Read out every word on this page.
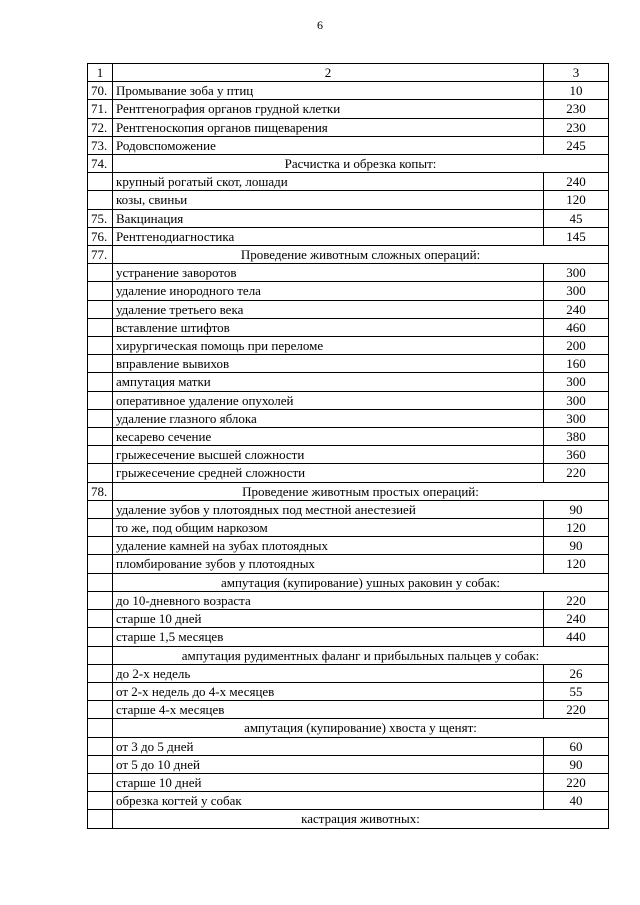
6
1	2	3
70.	Промывание зоба у птиц	10
71.	Рентгенография органов грудной клетки	230
72.	Рентгеноскопия органов пищеварения	230
73.	Родовспоможение	245
74.	Расчистка и обрезка копыт:	
	крупный рогатый скот, лошади	240
	козы, свиньи	120
75.	Вакцинация	45
76.	Рентгенодиагностика	145
77.	Проведение животным сложных операций:	
	устранение заворотов	300
	удаление инородного тела	300
	удаление третьего века	240
	вставление штифтов	460
	хирургическая помощь при переломе	200
	вправление вывихов	160
	ампутация матки	300
	оперативное удаление опухолей	300
	удаление глазного яблока	300
	кесарево сечение	380
	грыжесечение высшей сложности	360
	грыжесечение средней сложности	220
78.	Проведение животным простых операций:	
	удаление зубов у плотоядных под местной анестезией	90
	то же, под общим наркозом	120
	удаление камней на зубах плотоядных	90
	пломбирование зубов у плотоядных	120
	ампутация (купирование) ушных раковин у собак:	
	до 10-дневного возраста	220
	старше 10 дней	240
	старше 1,5 месяцев	440
	ампутация рудиментных фаланг и прибыльных пальцев у собак:	
	до 2-х недель	26
	от 2-х недель до 4-х месяцев	55
	старше 4-х месяцев	220
	ампутация (купирование) хвоста у щенят:	
	от 3 до 5 дней	60
	от 5 до 10 дней	90
	старше 10 дней	220
	обрезка когтей у собак	40
	кастрация животных:	
